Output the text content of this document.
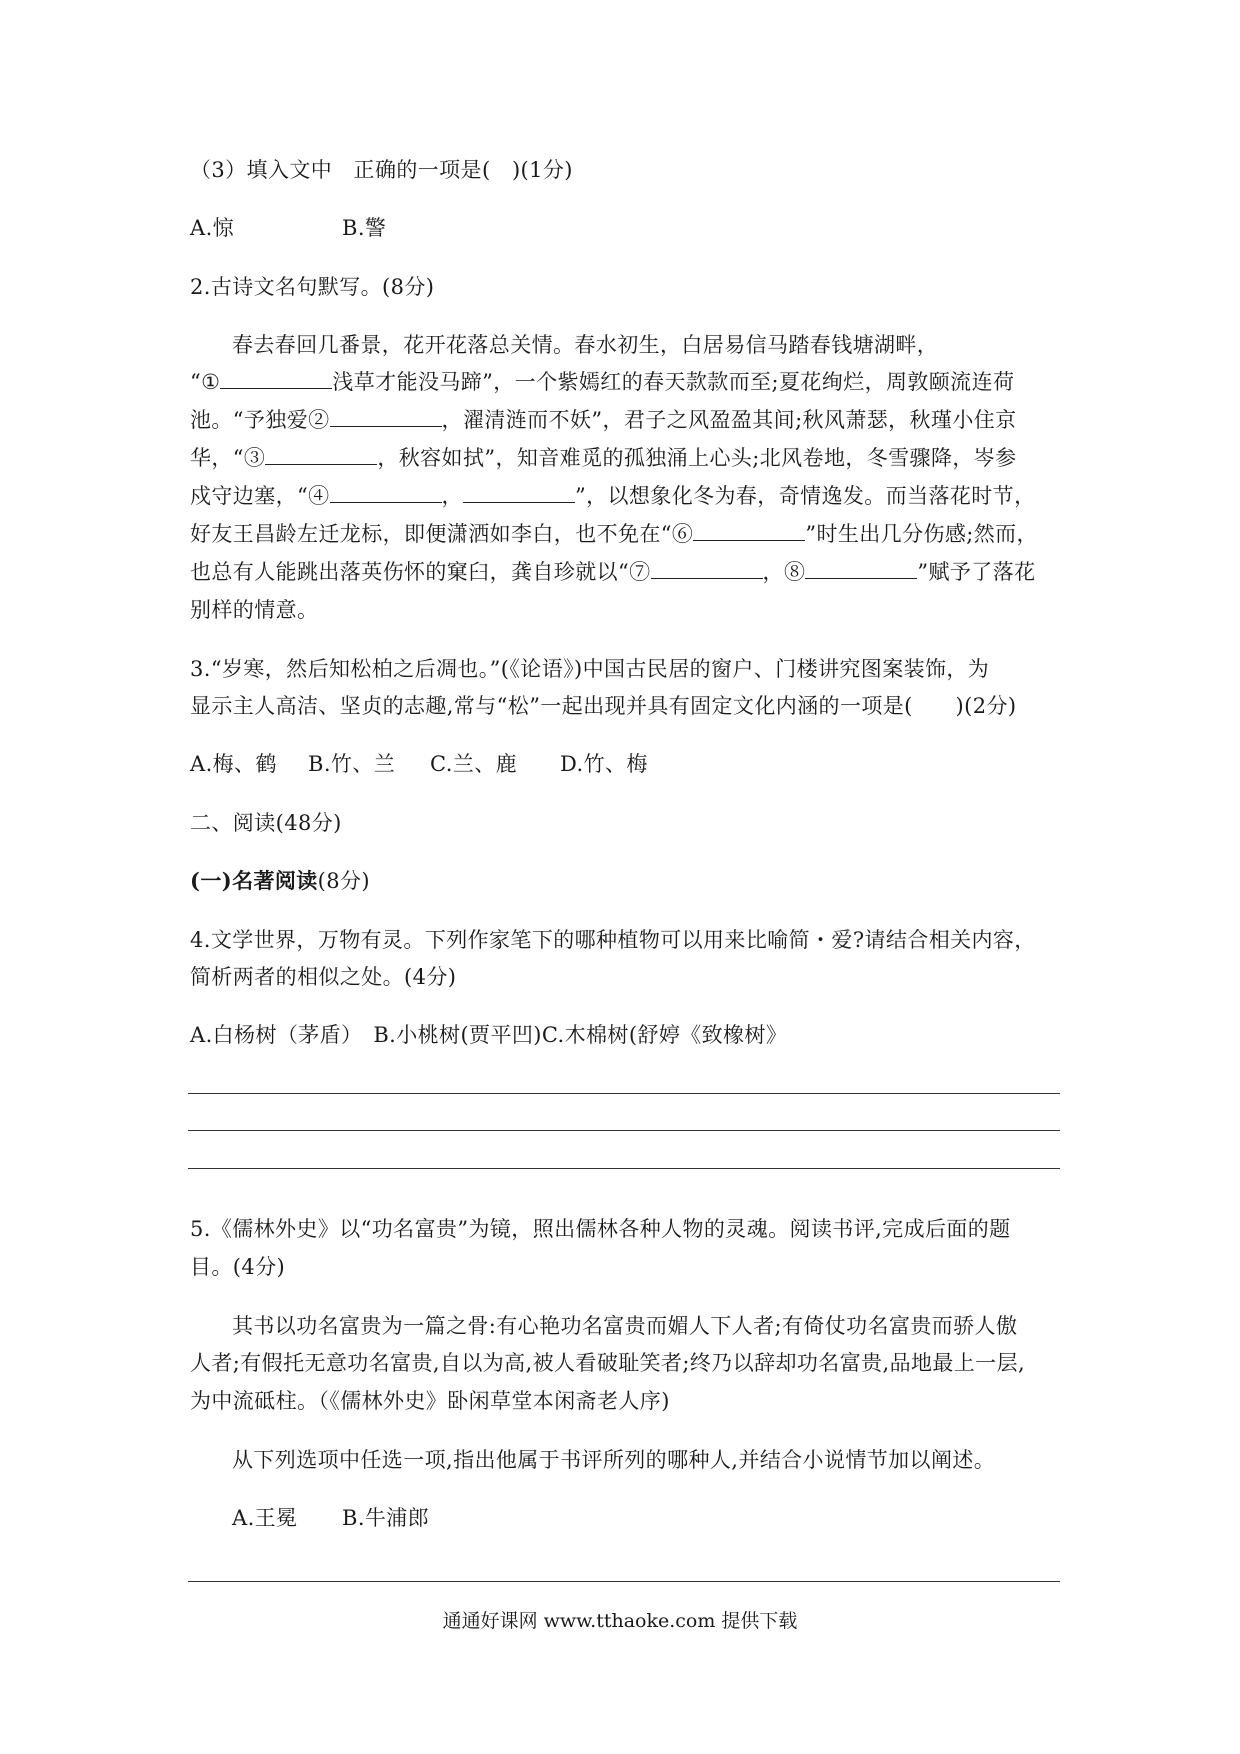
（3）填入文中　正确的一项是(　)(1分)
A.惊	B.警
2.古诗文名句默写。(8分)
春去春回几番景，花开花落总关情。春水初生，白居易信马踏春钱塘湖畔，
“①	浅草才能没马蹄”，一个紫嫣红的春天款款而至;夏花绚烂，周敦颐流连荷
池。“予独爱②	，濯清涟而不妖”，君子之风盈盈其间;秋风萧瑟，秋瑾小住京
华，“③	，秋容如拭”，知音难觅的孤独涌上心头;北风卷地，冬雪骤降，岑参
戍守边塞，“④	，	”，以想象化冬为春，奇情逸发。而当落花时节，
好友王昌龄左迁龙标，即便潇洒如李白，也不免在“⑥	”时生出几分伤感;然而，
也总有人能跳出落英伤怀的窠臼，龚自珍就以“⑦	，⑧	”赋予了落花
别样的情意。
3.“岁寒，然后知松柏之后凋也。”(《论语》)中国古民居的窗户、门楼讲究图案装饰，为
显示主人高洁、坚贞的志趣,常与“松”一起出现并具有固定文化内涵的一项是(　　)(2分)
A.梅、鹤 B.竹、兰 C.兰、鹿 D.竹、梅
二、阅读(48分)
(一)名著阅读(8分)
4.文学世界，万物有灵。下列作家笔下的哪种植物可以用来比喻简・爱?请结合相关内容，
简析两者的相似之处。(4分)
A.白杨树（茅盾）　B.小桃树(贾平凹)C.木棉树(舒婷《致橡树》
5.《儒林外史》以“功名富贵”为镜，照出儒林各种人物的灵魂。阅读书评,完成后面的题
目。(4分)
其书以功名富贵为一篇之骨:有心艳功名富贵而媚人下人者;有倚仗功名富贵而骄人傲
人者;有假托无意功名富贵,自以为高,被人看破耻笑者;终乃以辞却功名富贵,品地最上一层,
为中流砥柱。（《儒林外史》卧闲草堂本闲斋老人序)
从下列选项中任选一项,指出他属于书评所列的哪种人,并结合小说情节加以阐述。
A.王冕 B.牛浦郎
通通好课网 www.tthaoke.com 提供下载
